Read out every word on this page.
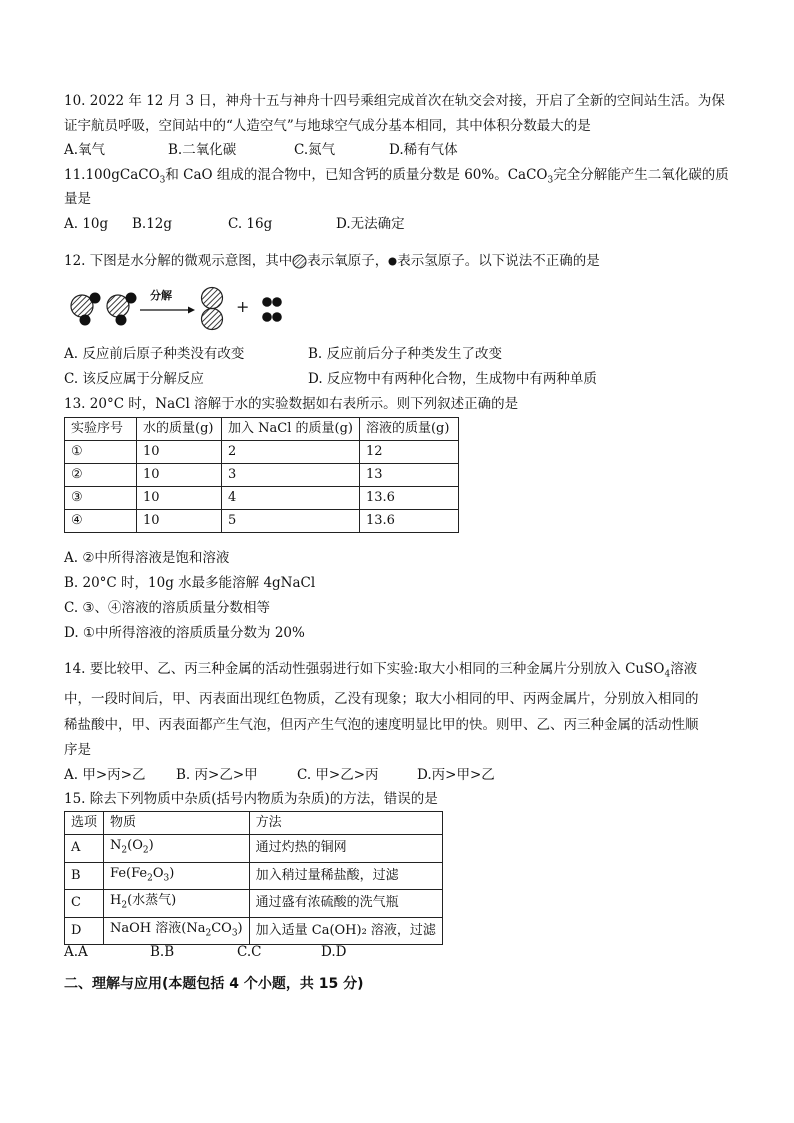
10. 2022 年 12 月 3 日，神舟十五与神舟十四号乘组完成首次在轨交会对接，开启了全新的空间站生活。为保
证宇航员呼吸，空间站中的“人造空气”与地球空气成分基本相同，其中体积分数最大的是
A.氧气	B.二氧化碳	C.氮气	D.稀有气体
11.100gCaCO$_3$和 CaO 组成的混合物中，已知含钙的质量分数是 60%。CaCO$_3$完全分解能产生二氧化碳的质
量是
A. 10g	B.12g	C. 16g	D.无法确定
12. 下图是水分解的微观示意图，其中 表示氧原子， 表示氢原子。以下说法不正确的是
分解
+
A. 反应前后原子种类没有改变	B. 反应前后分子种类发生了改变
C. 该反应属于分解反应	D. 反应物中有两种化合物，生成物中有两种单质
13. 20°C 时，NaCl 溶解于水的实验数据如右表所示。则下列叙述正确的是
实验序号	水的质量(g)	加入 NaCl 的质量(g)	溶液的质量(g)
①	10	2	12
②	10	3	13
③	10	4	13.6
④	10	5	13.6
A. ②中所得溶液是饱和溶液
B. 20°C 时，10g 水最多能溶解 4gNaCl
C. ③、④溶液的溶质质量分数相等
D. ①中所得溶液的溶质质量分数为 20%
14. 要比较甲、乙、丙三种金属的活动性强弱进行如下实验:取大小相同的三种金属片分别放入 CuSO$_4$溶液
中，一段时间后，甲、丙表面出现红色物质，乙没有现象；取大小相同的甲、丙两金属片，分别放入相同的
稀盐酸中，甲、丙表面都产生气泡，但丙产生气泡的速度明显比甲的快。则甲、乙、丙三种金属的活动性顺
序是
A. 甲>丙>乙	B. 丙>乙>甲	C. 甲>乙>丙	D.丙>甲>乙
15. 除去下列物质中杂质(括号内物质为杂质)的方法，错误的是
选项	物质	方法
A	$N_2(O_2)$	通过灼热的铜网
B	$Fe(Fe_2O_3)$	加入稍过量稀盐酸，过滤
C	$H_2$(水蒸气)	通过盛有浓硫酸的洗气瓶
D	NaOH 溶液$(Na_2CO_3)$	加入适量 Ca(OH)₂ 溶液，过滤
A.A	B.B	C.C	D.D
二、理解与应用(本题包括 4 个小题，共 15 分)
